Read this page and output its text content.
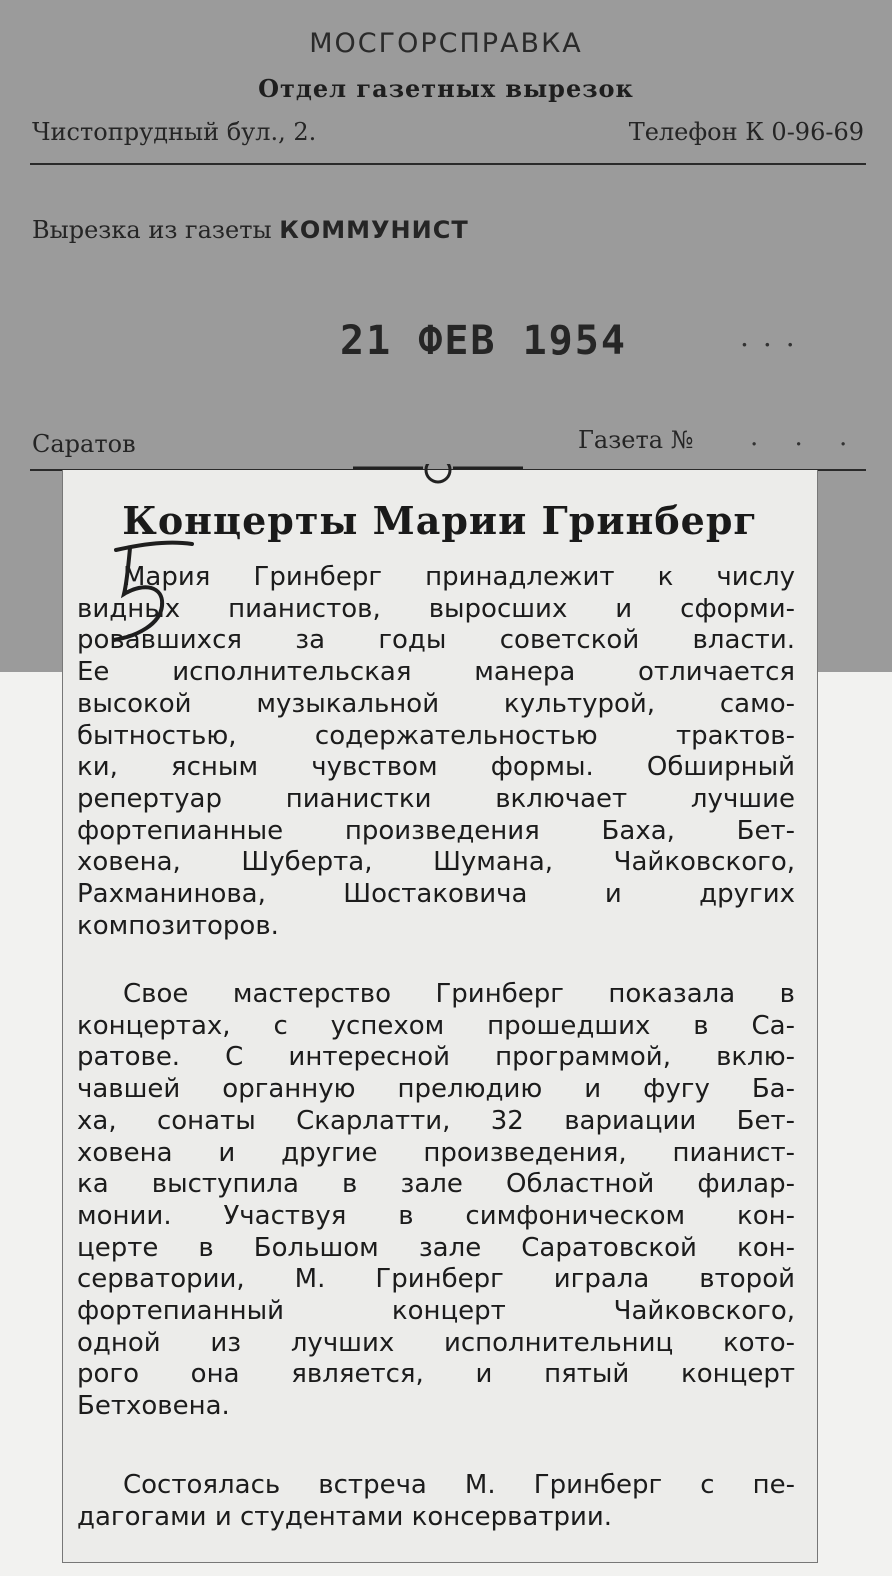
МОСГОРСПРАВКА
Отдел газетных вырезок
Чистопрудный бул., 2.	Телефон К 0-96-69
Вырезка из газеты КОММУНИСТ
21 ФЕВ 1954	...
Саратов	Газета № . . .
Концерты Марии Гринберг
Мария Гринберг принадлежит к числу
видных пианистов, выросших и сформи-
ровавшихся за годы советской власти.
Ее исполнительская манера отличается
высокой музыкальной культурой, само-
бытностью, содержательностью трактов-
ки, ясным чувством формы. Обширный
репертуар пианистки включает лучшие
фортепианные произведения Баха, Бет-
ховена, Шуберта, Шумана, Чайковского,
Рахманинова, Шостаковича и других
композиторов.
Свое мастерство Гринберг показала в
концертах, с успехом прошедших в Са-
ратове. С интересной программой, вклю-
чавшей органную прелюдию и фугу Ба-
ха, сонаты Скарлатти, 32 вариации Бет-
ховена и другие произведения, пианист-
ка выступила в зале Областной филар-
монии. Участвуя в симфоническом кон-
церте в Большом зале Саратовской кон-
серватории, М. Гринберг играла второй
фортепианный концерт Чайковского,
одной из лучших исполнительниц кото-
рого она является, и пятый концерт
Бетховена.
Состоялась встреча М. Гринберг с пе-
дагогами и студентами консерватрии.
